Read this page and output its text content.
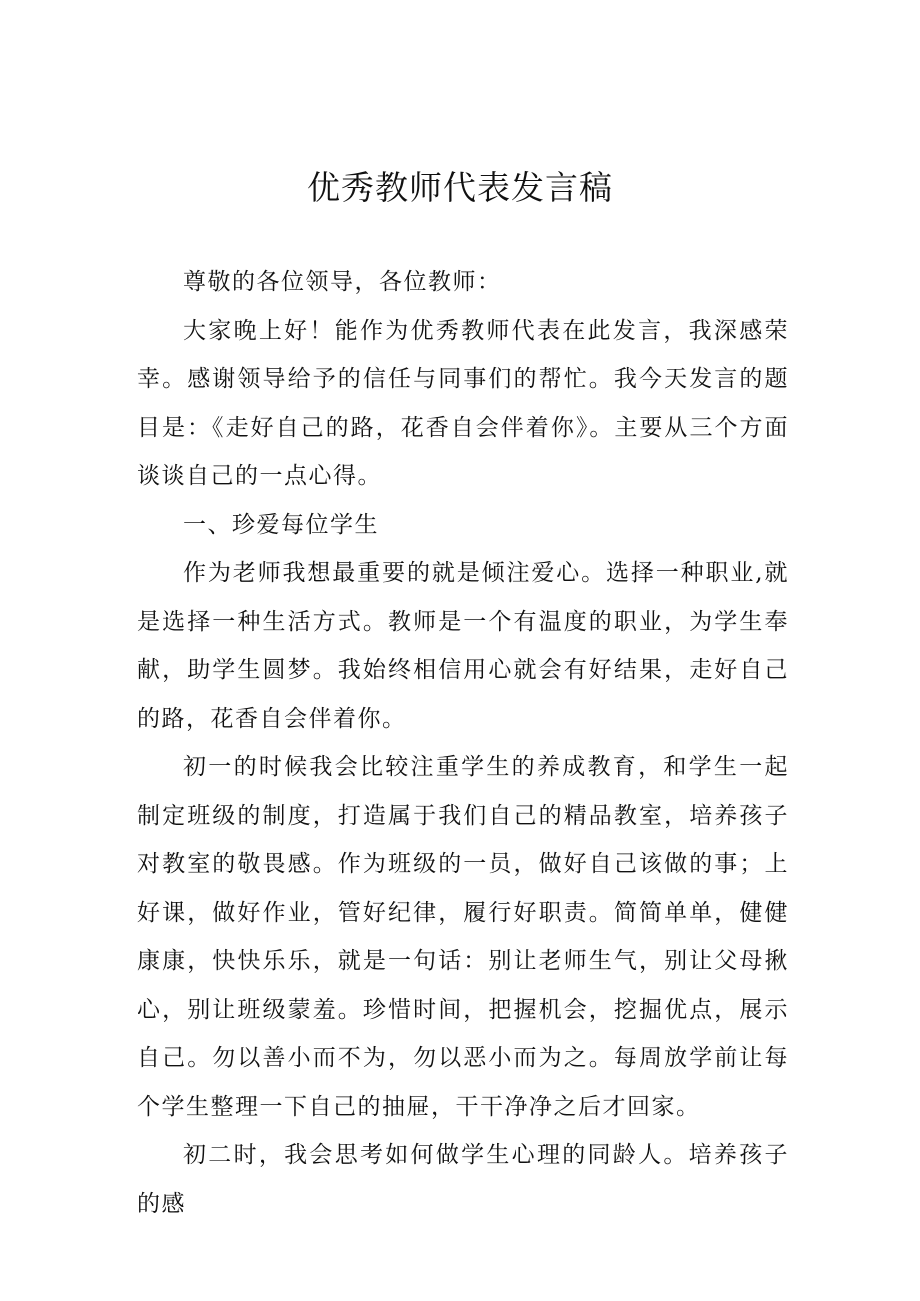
优秀教师代表发言稿

尊敬的各位领导，各位教师：

大家晚上好！能作为优秀教师代表在此发言，我深感荣幸。感谢领导给予的信任与同事们的帮忙。我今天发言的题目是：《走好自己的路，花香自会伴着你》。主要从三个方面谈谈自己的一点心得。

一、珍爱每位学生

作为老师我想最重要的就是倾注爱心。选择一种职业,就是选择一种生活方式。教师是一个有温度的职业，为学生奉献，助学生圆梦。我始终相信用心就会有好结果，走好自己的路，花香自会伴着你。

初一的时候我会比较注重学生的养成教育，和学生一起制定班级的制度，打造属于我们自己的精品教室，培养孩子对教室的敬畏感。作为班级的一员，做好自己该做的事；上好课，做好作业，管好纪律，履行好职责。简简单单，健健康康，快快乐乐，就是一句话：别让老师生气，别让父母揪心，别让班级蒙羞。珍惜时间，把握机会，挖掘优点，展示自己。勿以善小而不为，勿以恶小而为之。每周放学前让每个学生整理一下自己的抽屉，干干净净之后才回家。

初二时，我会思考如何做学生心理的同龄人。培养孩子的感
